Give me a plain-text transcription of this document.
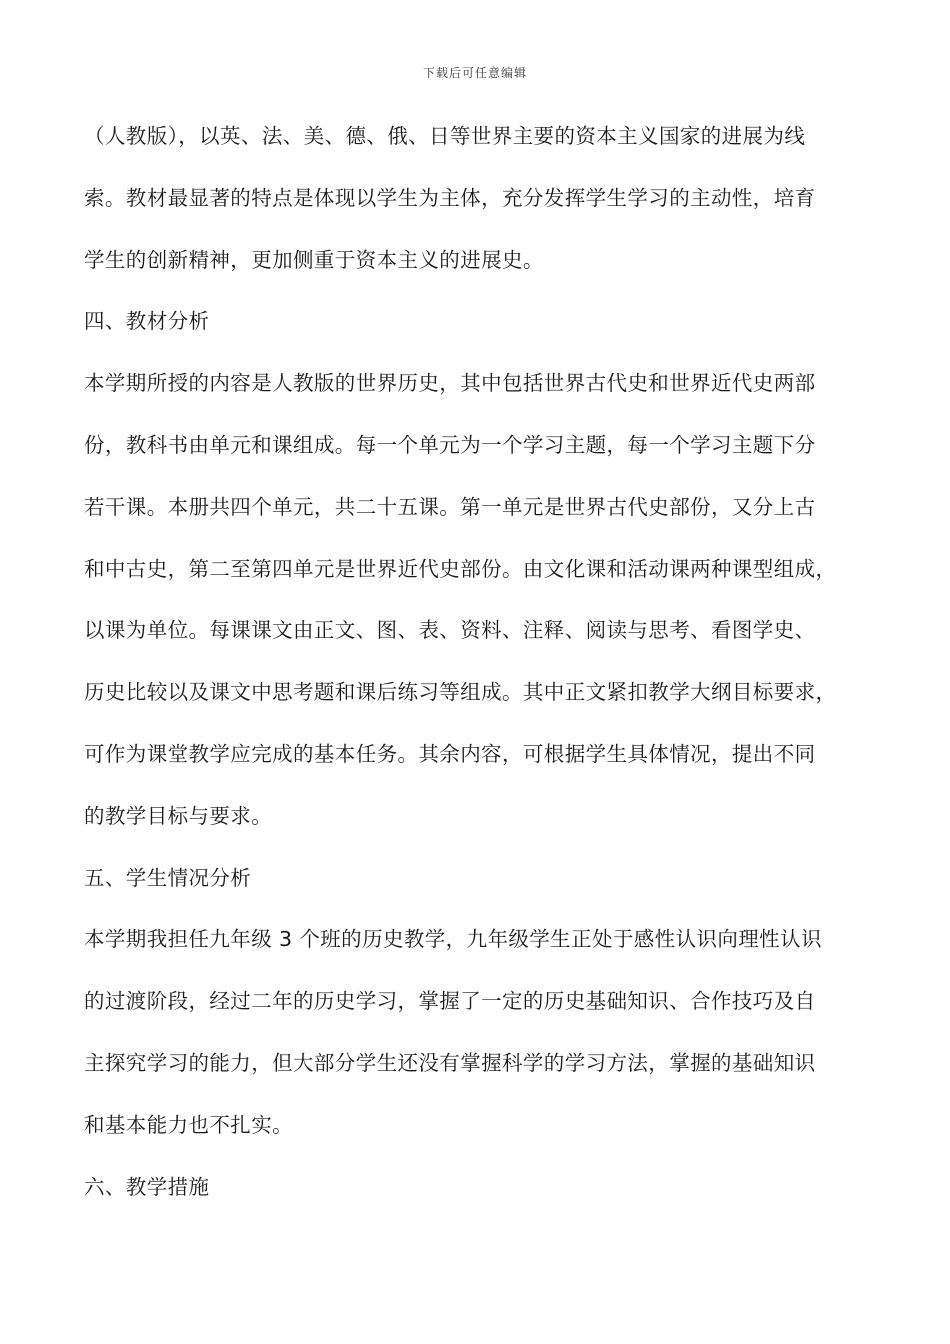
下载后可任意编辑
（人教版），以英、法、美、德、俄、日等世界主要的资本主义国家的进展为线
索。教材最显著的特点是体现以学生为主体，充分发挥学生学习的主动性，培育
学生的创新精神，更加侧重于资本主义的进展史。
四、教材分析
本学期所授的内容是人教版的世界历史，其中包括世界古代史和世界近代史两部
份，教科书由单元和课组成。每一个单元为一个学习主题，每一个学习主题下分
若干课。本册共四个单元，共二十五课。第一单元是世界古代史部份，又分上古
和中古史，第二至第四单元是世界近代史部份。由文化课和活动课两种课型组成，
以课为单位。每课课文由正文、图、表、资料、注释、阅读与思考、看图学史、
历史比较以及课文中思考题和课后练习等组成。其中正文紧扣教学大纲目标要求，
可作为课堂教学应完成的基本任务。其余内容，可根据学生具体情况，提出不同
的教学目标与要求。
五、学生情况分析
本学期我担任九年级 3 个班的历史教学，九年级学生正处于感性认识向理性认识
的过渡阶段，经过二年的历史学习，掌握了一定的历史基础知识、合作技巧及自
主探究学习的能力，但大部分学生还没有掌握科学的学习方法，掌握的基础知识
和基本能力也不扎实。
六、教学措施
